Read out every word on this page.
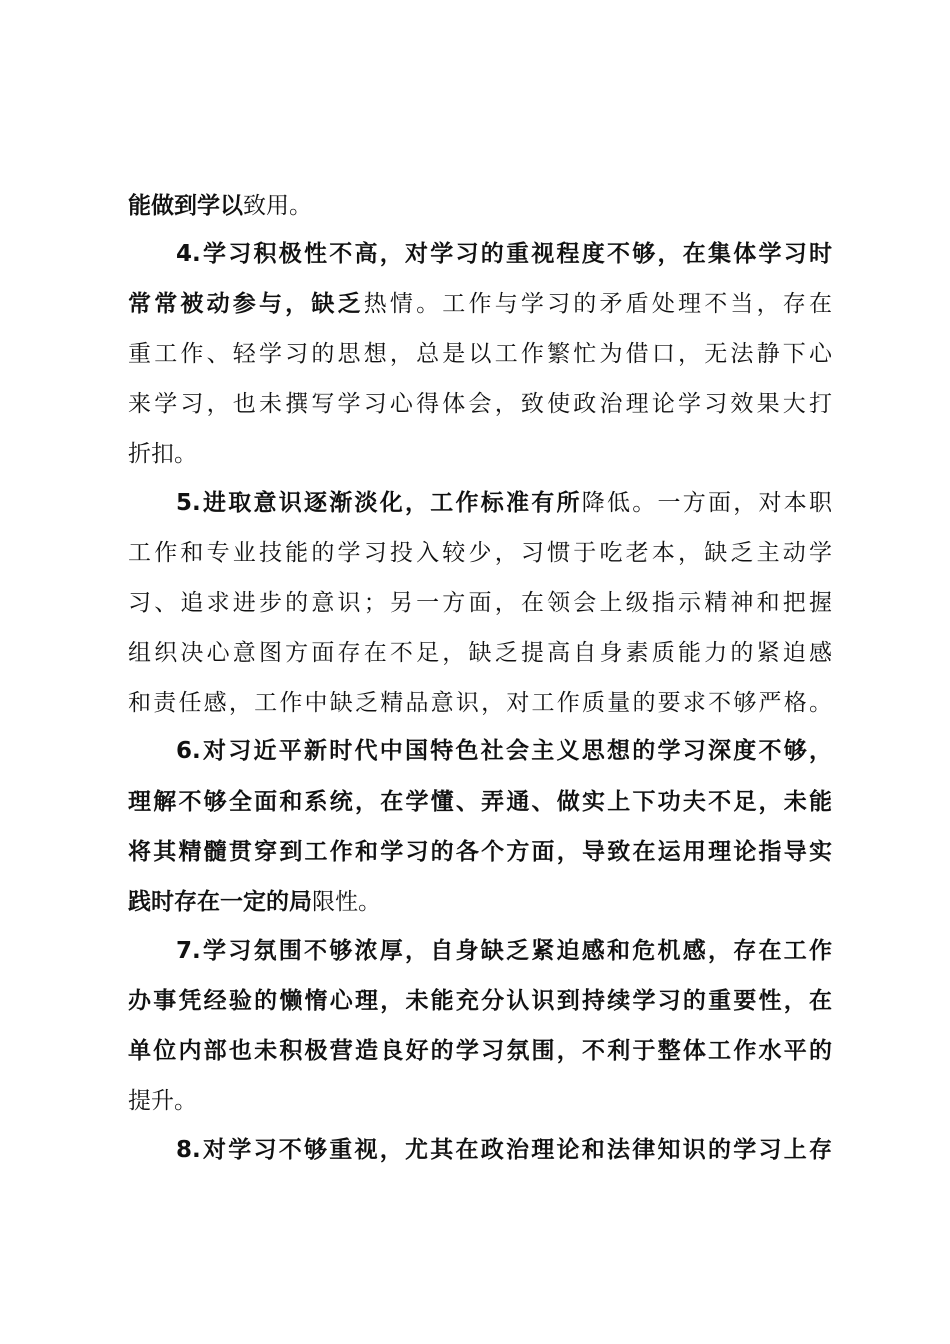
能做到学以致用。
4.学习积极性不高，对学习的重视程度不够，在集体学习时
常常被动参与，缺乏热情。工作与学习的矛盾处理不当，存在
重工作、轻学习的思想，总是以工作繁忙为借口，无法静下心
来学习，也未撰写学习心得体会，致使政治理论学习效果大打
折扣。
5.进取意识逐渐淡化，工作标准有所降低。一方面，对本职
工作和专业技能的学习投入较少，习惯于吃老本，缺乏主动学
习、追求进步的意识；另一方面，在领会上级指示精神和把握
组织决心意图方面存在不足，缺乏提高自身素质能力的紧迫感
和责任感，工作中缺乏精品意识，对工作质量的要求不够严格。
6.对习近平新时代中国特色社会主义思想的学习深度不够，
理解不够全面和系统，在学懂、弄通、做实上下功夫不足，未能
将其精髓贯穿到工作和学习的各个方面，导致在运用理论指导实
践时存在一定的局限性。
7.学习氛围不够浓厚，自身缺乏紧迫感和危机感，存在工作
办事凭经验的懒惰心理，未能充分认识到持续学习的重要性，在
单位内部也未积极营造良好的学习氛围，不利于整体工作水平的
提升。
8.对学习不够重视，尤其在政治理论和法律知识的学习上存
